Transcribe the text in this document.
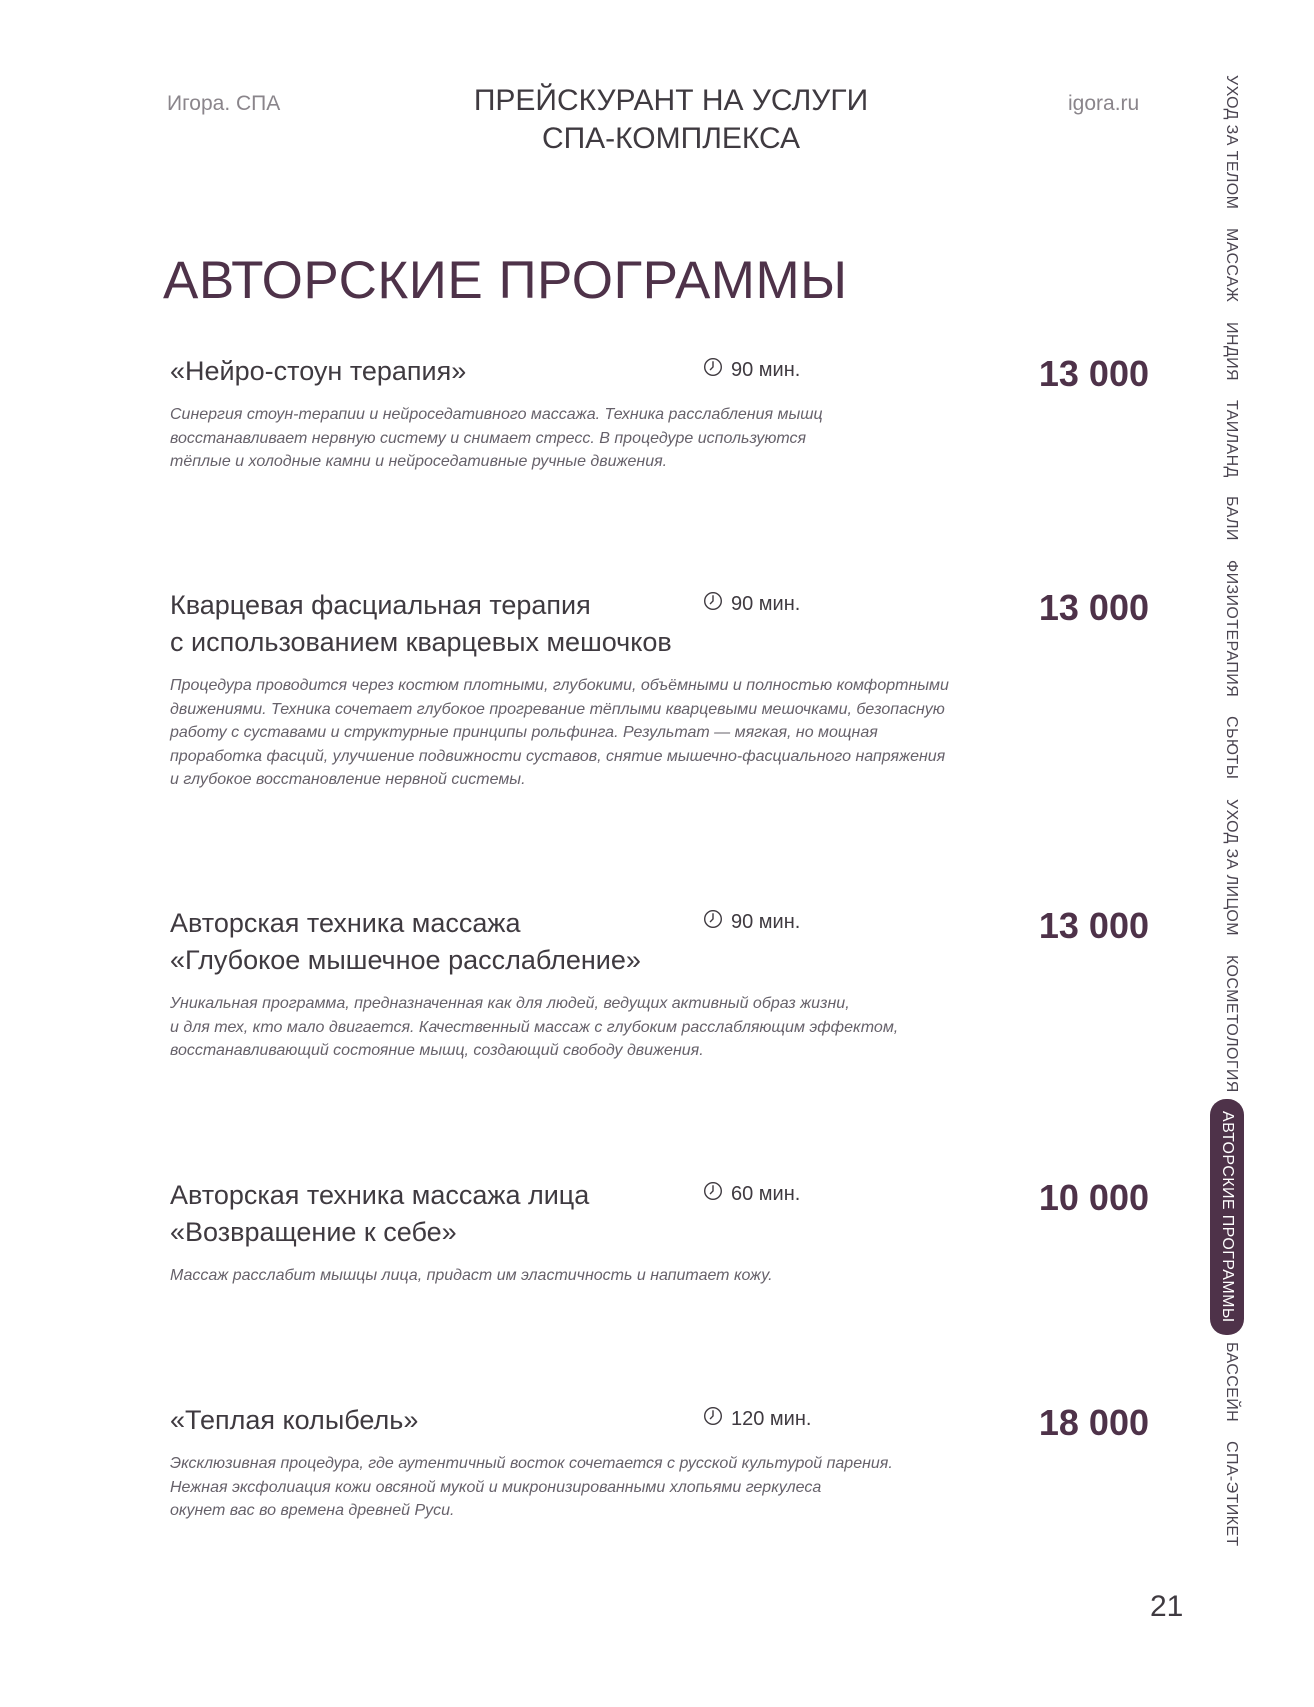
Игора. СПА	ПРЕЙСКУРАНТ НА УСЛУГИ
СПА-КОМПЛЕКСА
igora.ru
АВТОРСКИЕ ПРОГРАММЫ
«Нейро-стоун терапия»	90 мин.	13 000
Синергия стоун-терапии и нейроседативного массажа. Техника расслабления мышц
восстанавливает нервную систему и снимает стресс. В процедуре используются
тёплые и холодные камни и нейроседативные ручные движения.
Кварцевая фасциальная терапия
с использованием кварцевых мешочков
90 мин.	13 000
Процедура проводится через костюм плотными, глубокими, объёмными и полностью комфортными
движениями. Техника сочетает глубокое прогревание тёплыми кварцевыми мешочками, безопасную
работу с суставами и структурные принципы рольфинга. Результат — мягкая, но мощная
проработка фасций, улучшение подвижности суставов, снятие мышечно-фасциального напряжения
и глубокое восстановление нервной системы.
Авторская техника массажа
«Глубокое мышечное расслабление»
90 мин.	13 000
Уникальная программа, предназначенная как для людей, ведущих активный образ жизни,
и для тех, кто мало двигается. Качественный массаж с глубоким расслабляющим эффектом,
восстанавливающий состояние мышц, создающий свободу движения.
Авторская техника массажа лица
«Возвращение к себе»
60 мин.	10 000
Массаж расслабит мышцы лица, придаст им эластичность и напитает кожу.
«Теплая колыбель»	120 мин.	18 000
Эксклюзивная процедура, где аутентичный восток сочетается с русской культурой парения.
Нежная эксфолиация кожи овсяной мукой и микронизированными хлопьями геркулеса
окунет вас во времена древней Руси.
УХОД ЗА ТЕЛОМ
МАССАЖ
ИНДИЯ
ТАИЛАНД
БАЛИ
ФИЗИОТЕРАПИЯ
СЬЮТЫ
УХОД ЗА ЛИЦОМ
КОСМЕТОЛОГИЯ
АВТОРСКИЕ ПРОГРАММЫ
БАССЕЙН
СПА-ЭТИКЕТ
21
